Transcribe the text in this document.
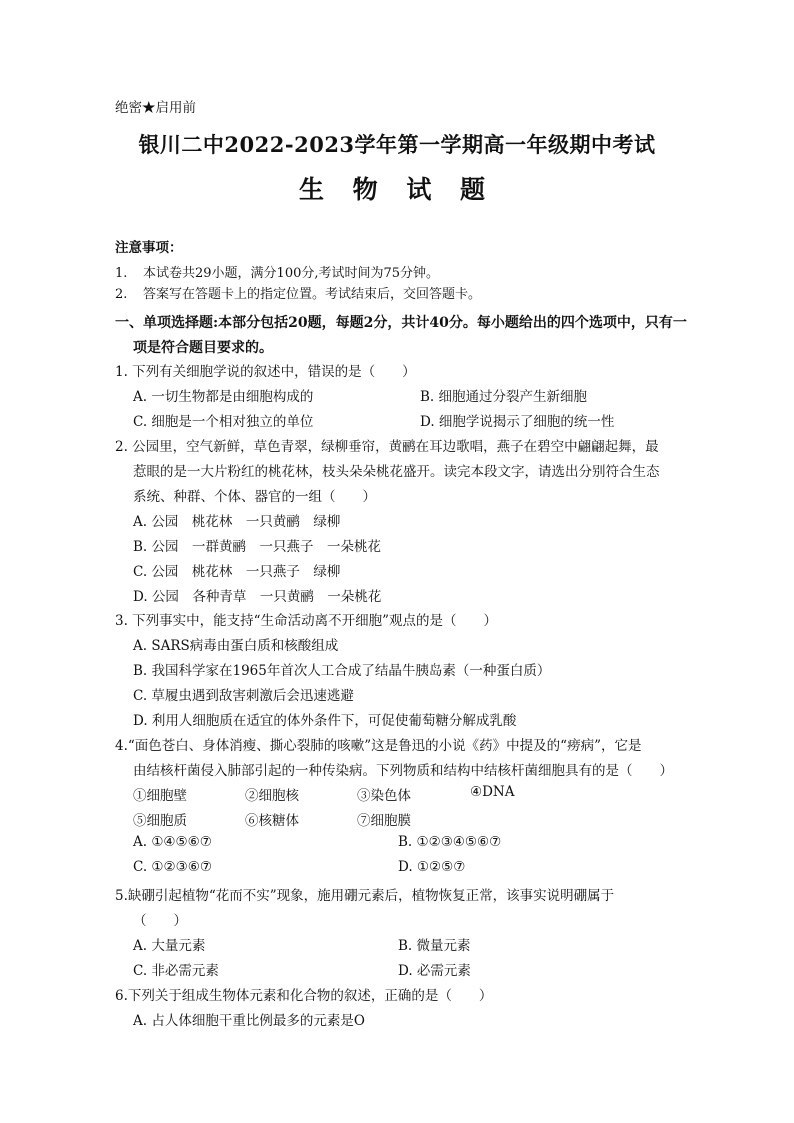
绝密★启用前
银川二中2022-2023学年第一学期高一年级期中考试
生 物 试 题
注意事项：
1. 本试卷共29小题，满分100分,考试时间为75分钟。
2. 答案写在答题卡上的指定位置。考试结束后，交回答题卡。
一、单项选择题:本部分包括20题，每题2分，共计40分。每小题给出的四个选项中，只有一
项是符合题目要求的。
1. 下列有关细胞学说的叙述中，错误的是（　　）
A. 一切生物都是由细胞构成的	B. 细胞通过分裂产生新细胞
C. 细胞是一个相对独立的单位	D. 细胞学说揭示了细胞的统一性
2. 公园里，空气新鲜，草色青翠，绿柳垂帘，黄鹂在耳边歌唱，燕子在碧空中翩翩起舞，最
惹眼的是一大片粉红的桃花林，枝头朵朵桃花盛开。读完本段文字，请选出分别符合生态
系统、种群、个体、器官的一组（　　）
A. 公园　桃花林　一只黄鹂　绿柳
B. 公园　一群黄鹂　一只燕子　一朵桃花
C. 公园　桃花林　一只燕子　绿柳
D. 公园　各种青草　一只黄鹂　一朵桃花
3. 下列事实中，能支持“生命活动离不开细胞”观点的是（　　）
A. SARS病毒由蛋白质和核酸组成
B. 我国科学家在1965年首次人工合成了结晶牛胰岛素（一种蛋白质）
C. 草履虫遇到敌害刺激后会迅速逃避
D. 利用人细胞质在适宜的体外条件下，可促使葡萄糖分解成乳酸
4.“面色苍白、身体消瘦、撕心裂肺的咳嗽”这是鲁迅的小说《药》中提及的“痨病”，它是
由结核杆菌侵入肺部引起的一种传染病。下列物质和结构中结核杆菌细胞具有的是（　　）
①细胞壁	②细胞核	③染色体	④DNA
⑤细胞质	⑥核糖体	⑦细胞膜
A. ①④⑤⑥⑦	B. ①②③④⑤⑥⑦
C. ①②③⑥⑦	D. ①②⑤⑦
5.缺硼引起植物“花而不实”现象，施用硼元素后，植物恢复正常，该事实说明硼属于
（　　）
A. 大量元素	B. 微量元素
C. 非必需元素	D. 必需元素
6.下列关于组成生物体元素和化合物的叙述，正确的是（　　）
A. 占人体细胞干重比例最多的元素是O
